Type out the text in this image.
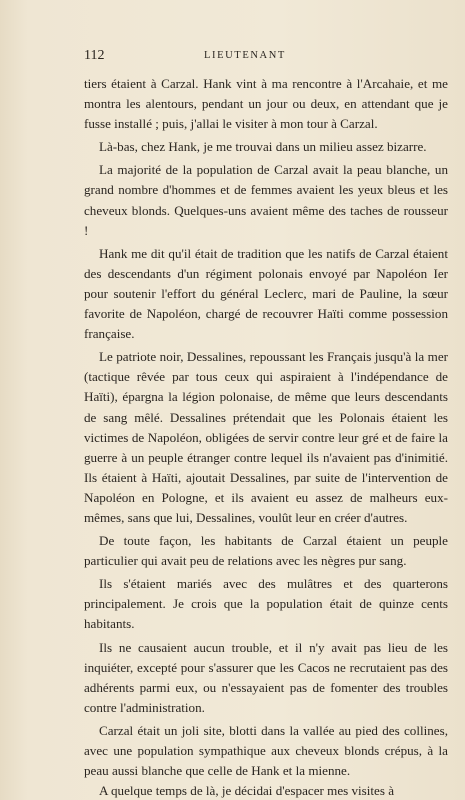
112	LIEUTENANT

tiers étaient à Carzal. Hank vint à ma rencontre à l'Arcahaie, et me montra les alentours, pendant un jour ou deux, en attendant que je fusse installé ; puis, j'allai le visiter à mon tour à Carzal.

Là-bas, chez Hank, je me trouvai dans un milieu assez bizarre.

La majorité de la population de Carzal avait la peau blanche, un grand nombre d'hommes et de femmes avaient les yeux bleus et les cheveux blonds. Quelques-uns avaient même des taches de rousseur !

Hank me dit qu'il était de tradition que les natifs de Carzal étaient des descendants d'un régiment polonais envoyé par Napoléon Ier pour soutenir l'effort du général Leclerc, mari de Pauline, la sœur favorite de Napoléon, chargé de recouvrer Haïti comme possession française.

Le patriote noir, Dessalines, repoussant les Français jusqu'à la mer (tactique rêvée par tous ceux qui aspiraient à l'indépendance de Haïti), épargna la légion polonaise, de même que leurs descendants de sang mêlé. Dessalines prétendait que les Polonais étaient les victimes de Napoléon, obligées de servir contre leur gré et de faire la guerre à un peuple étranger contre lequel ils n'avaient pas d'inimitié. Ils étaient à Haïti, ajoutait Dessalines, par suite de l'intervention de Napoléon en Pologne, et ils avaient eu assez de malheurs eux-mêmes, sans que lui, Dessalines, voulût leur en créer d'autres.

De toute façon, les habitants de Carzal étaient un peuple particulier qui avait peu de relations avec les nègres pur sang.

Ils s'étaient mariés avec des mulâtres et des quarterons principalement. Je crois que la population était de quinze cents habitants.

Ils ne causaient aucun trouble, et il n'y avait pas lieu de les inquiéter, excepté pour s'assurer que les Cacos ne recrutaient pas des adhérents parmi eux, ou n'essayaient pas de fomenter des troubles contre l'administration.

Carzal était un joli site, blotti dans la vallée au pied des collines, avec une population sympathique aux cheveux blonds crépus, à la peau aussi blanche que celle de Hank et la mienne.

A quelque temps de là, je décidai d'espacer mes visites à
